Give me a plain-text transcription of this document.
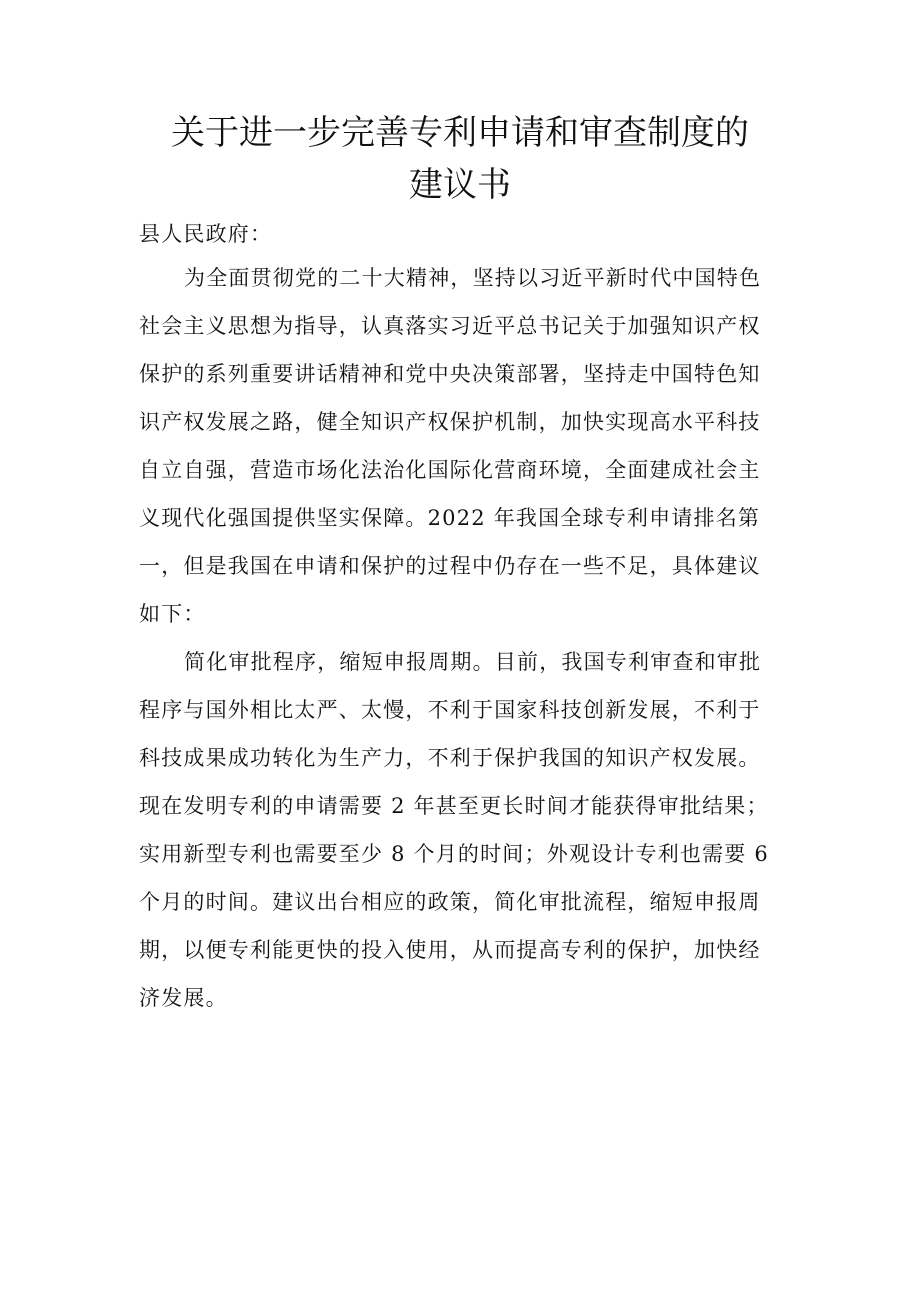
关于进一步完善专利申请和审查制度的
建议书
县人民政府：
为全面贯彻党的二十大精神，坚持以习近平新时代中国特色
社会主义思想为指导，认真落实习近平总书记关于加强知识产权
保护的系列重要讲话精神和党中央决策部署，坚持走中国特色知
识产权发展之路，健全知识产权保护机制，加快实现高水平科技
自立自强，营造市场化法治化国际化营商环境，全面建成社会主
义现代化强国提供坚实保障。2022 年我国全球专利申请排名第
一，但是我国在申请和保护的过程中仍存在一些不足，具体建议
如下：
简化审批程序，缩短申报周期。目前，我国专利审查和审批
程序与国外相比太严、太慢，不利于国家科技创新发展，不利于
科技成果成功转化为生产力，不利于保护我国的知识产权发展。
现在发明专利的申请需要 2 年甚至更长时间才能获得审批结果；
实用新型专利也需要至少 8 个月的时间；外观设计专利也需要 6
个月的时间。建议出台相应的政策，简化审批流程，缩短申报周
期，以便专利能更快的投入使用，从而提高专利的保护，加快经
济发展。
